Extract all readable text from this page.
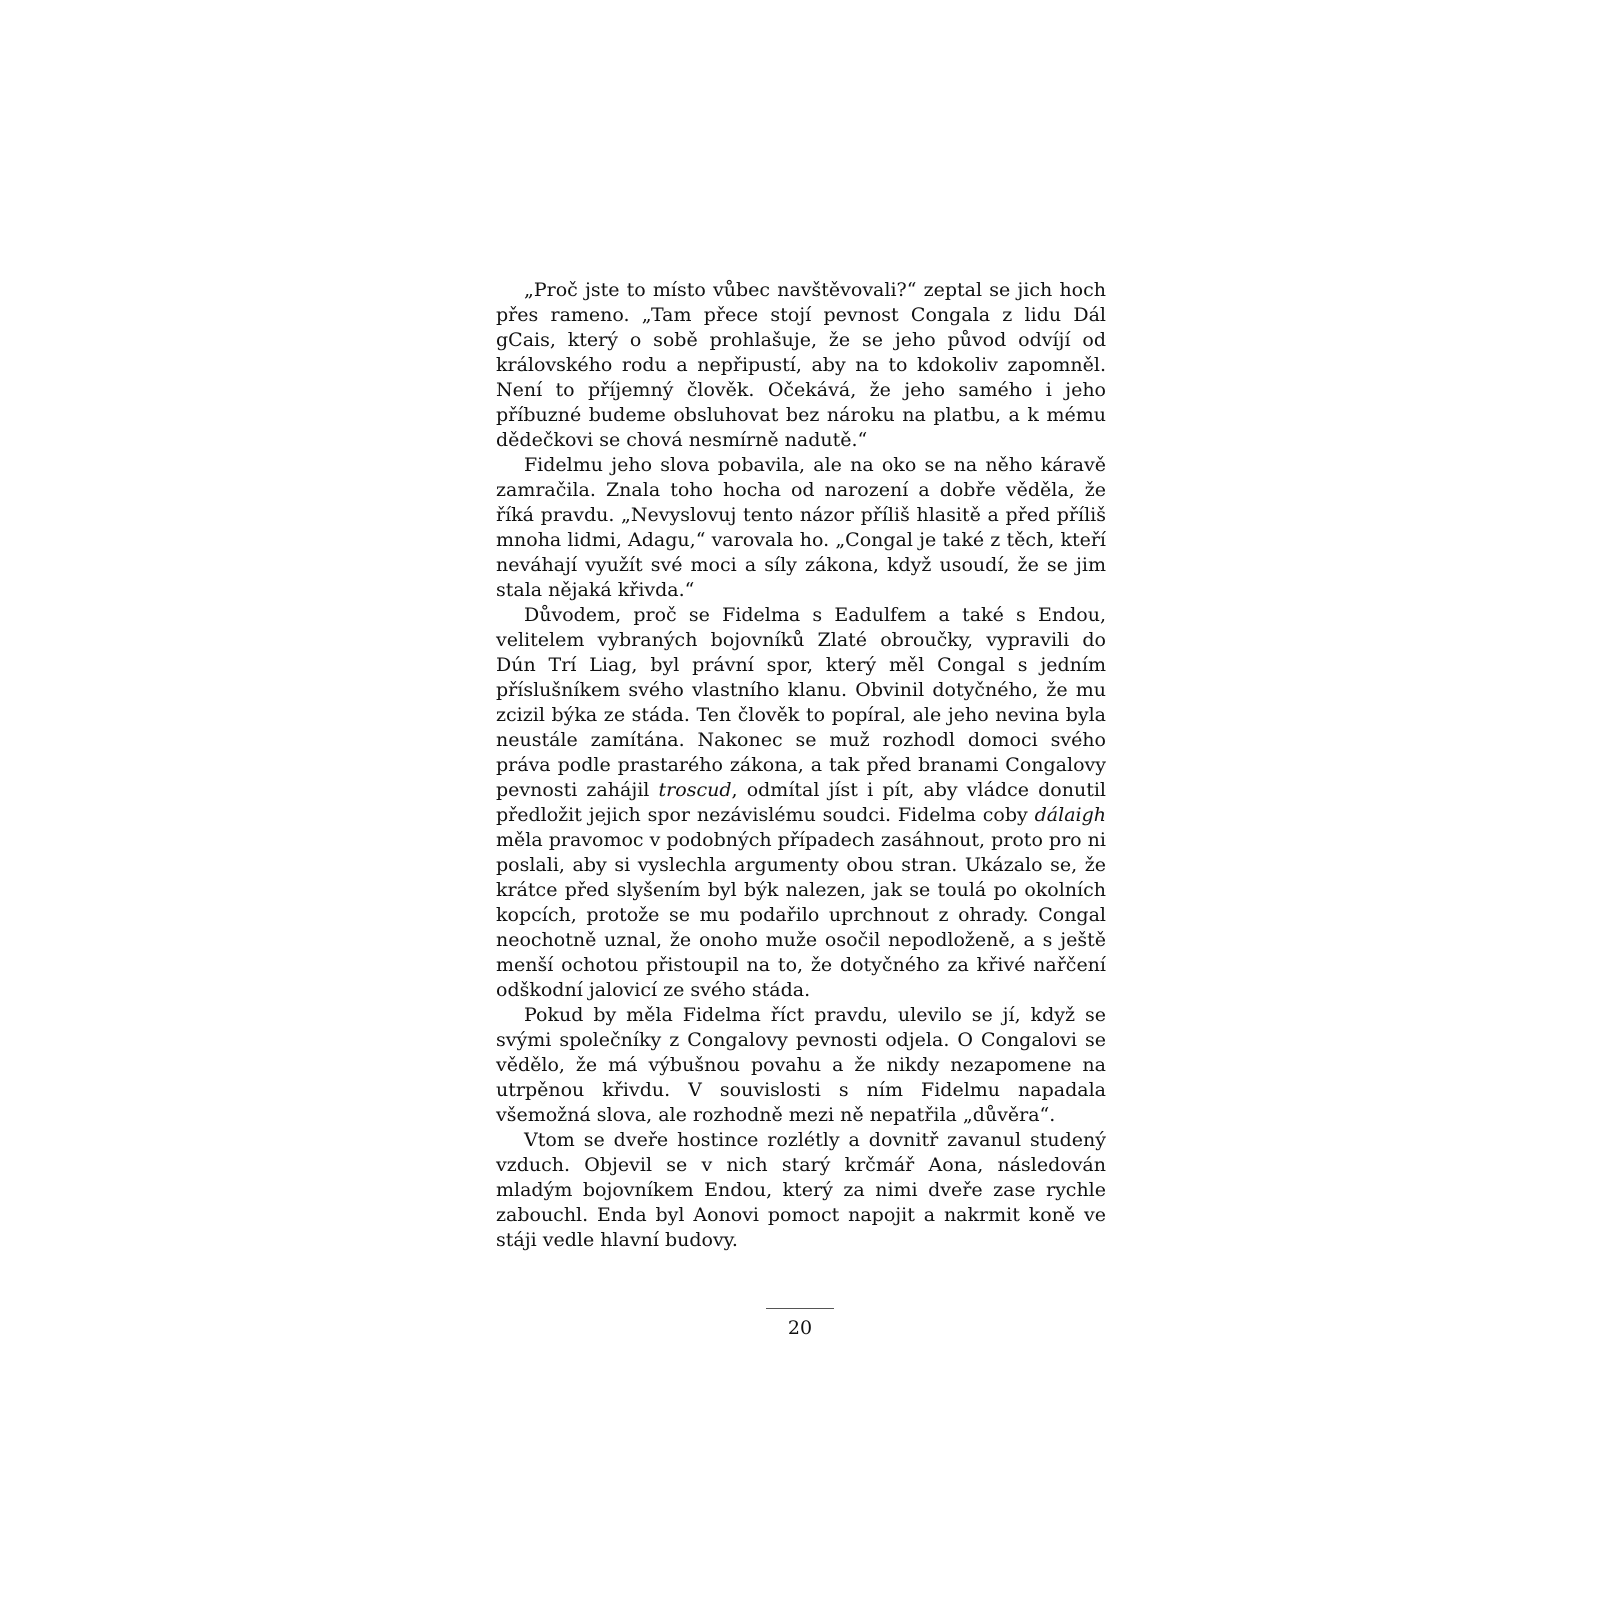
„Proč jste to místo vůbec navštěvovali?“ zeptal se jich hoch přes rameno. „Tam přece stojí pevnost Congala z lidu Dál gCais, který o sobě prohlašuje, že se jeho původ odvíjí od královského rodu a nepřipustí, aby na to kdokoliv zapomněl. Není to příjemný člověk. Očekává, že jeho samého i jeho příbuzné budeme obsluhovat bez nároku na platbu, a k mému dědečkovi se chová nesmírně nadutě.“

Fidelmu jeho slova pobavila, ale na oko se na něho káravě zamračila. Znala toho hocha od narození a dobře věděla, že říká pravdu. „Nevyslovuj tento názor příliš hlasitě a před příliš mnoha lidmi, Adagu,“ varovala ho. „Congal je také z těch, kteří neváhají využít své moci a síly zákona, když usoudí, že se jim stala nějaká křivda.“

Důvodem, proč se Fidelma s Eadulfem a také s Endou, velitelem vybraných bojovníků Zlaté obroučky, vypravili do Dún Trí Liag, byl právní spor, který měl Congal s jedním příslušníkem svého vlastního klanu. Obvinil dotyčného, že mu zcizil býka ze stáda. Ten člověk to popíral, ale jeho nevina byla neustále zamítána. Nakonec se muž rozhodl domoci svého práva podle prastarého zákona, a tak před branami Congalovy pevnosti zahájil troscud, odmítal jíst i pít, aby vládce donutil předložit jejich spor nezávislému soudci. Fidelma coby dálaigh měla pravomoc v podobných případech zasáhnout, proto pro ni poslali, aby si vyslechla argumenty obou stran. Ukázalo se, že krátce před slyšením byl býk nalezen, jak se toulá po okolních kopcích, protože se mu podařilo uprchnout z ohrady. Congal neochotně uznal, že onoho muže osočil nepodloženě, a s ještě menší ochotou přistoupil na to, že dotyčného za křivé nařčení odškodní jalovicí ze svého stáda.

Pokud by měla Fidelma říct pravdu, ulevilo se jí, když se svými společníky z Congalovy pevnosti odjela. O Congalovi se vědělo, že má výbušnou povahu a že nikdy nezapomene na utrpěnou křivdu. V souvislosti s ním Fidelmu napadala všemožná slova, ale rozhodně mezi ně nepatřila „důvěra“.

Vtom se dveře hostince rozlétly a dovnitř zavanul studený vzduch. Objevil se v nich starý krčmář Aona, následován mladým bojovníkem Endou, který za nimi dveře zase rychle zabouchl. Enda byl Aonovi pomoct napojit a nakrmit koně ve stáji vedle hlavní budovy.

20
